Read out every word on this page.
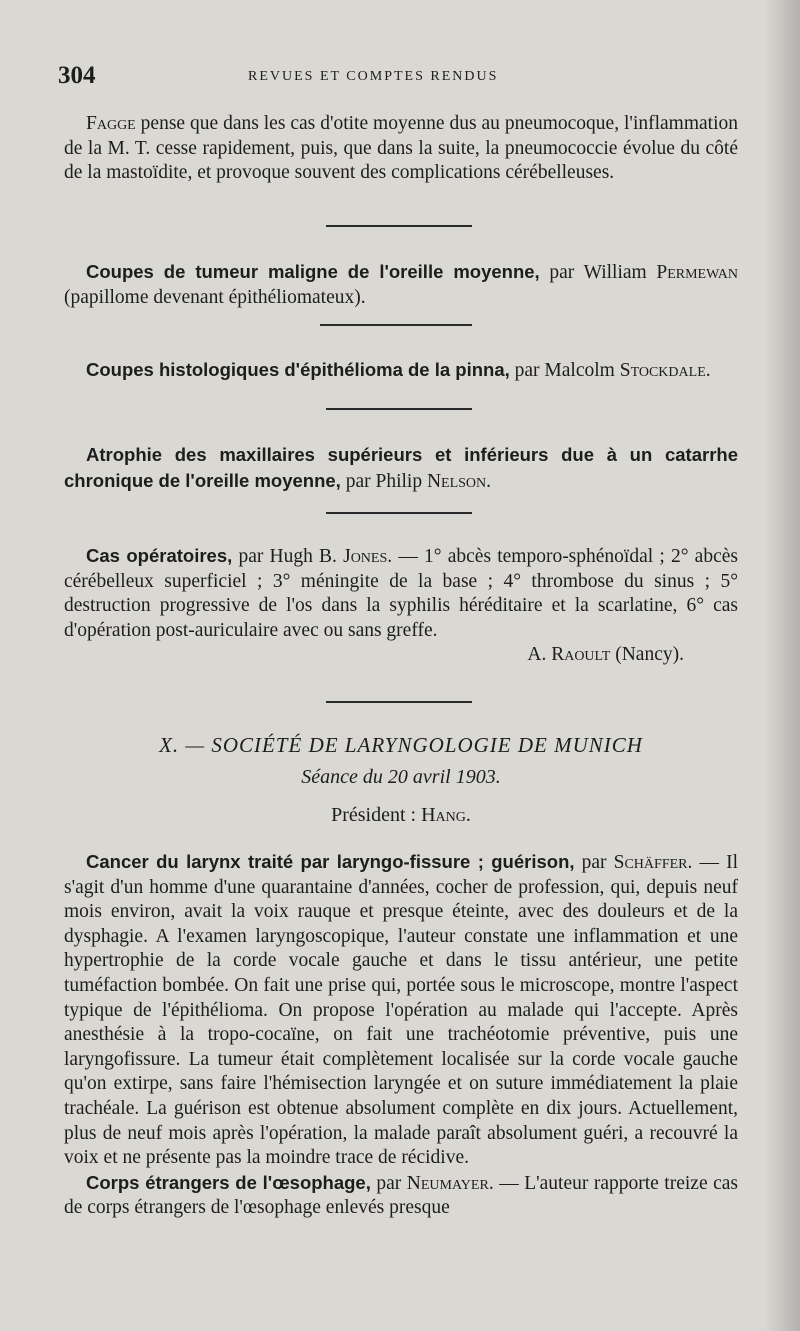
304	REVUES ET COMPTES RENDUS

Fagge pense que dans les cas d'otite moyenne dus au pneumocoque, l'inflammation de la M. T. cesse rapidement, puis, que dans la suite, la pneumococcie évolue du côté de la mastoïdite, et provoque souvent des complications cérébelleuses.

Coupes de tumeur maligne de l'oreille moyenne, par William Permewan (papillome devenant épithéliomateux).

Coupes histologiques d'épithélioma de la pinna, par Malcolm Stockdale.

Atrophie des maxillaires supérieurs et inférieurs due à un catarrhe chronique de l'oreille moyenne, par Philip Nelson.

Cas opératoires, par Hugh B. Jones. — 1° abcès temporo-sphénoïdal ; 2° abcès cérébelleux superficiel ; 3° méningite de la base ; 4° thrombose du sinus ; 5° destruction progressive de l'os dans la syphilis héréditaire et la scarlatine, 6° cas d'opération post-auriculaire avec ou sans greffe.

A. Raoult (Nancy).

X. — SOCIÉTÉ DE LARYNGOLOGIE DE MUNICH
Séance du 20 avril 1903.
Président : Hang.

Cancer du larynx traité par laryngo-fissure ; guérison, par Schäffer. — Il s'agit d'un homme d'une quarantaine d'années, cocher de profession, qui, depuis neuf mois environ, avait la voix rauque et presque éteinte, avec des douleurs et de la dysphagie. A l'examen laryngoscopique, l'auteur constate une inflammation et une hypertrophie de la corde vocale gauche et dans le tissu antérieur, une petite tuméfaction bombée. On fait une prise qui, portée sous le microscope, montre l'aspect typique de l'épithélioma. On propose l'opération au malade qui l'accepte. Après anesthésie à la tropo-cocaïne, on fait une trachéotomie préventive, puis une laryngofissure. La tumeur était complètement localisée sur la corde vocale gauche qu'on extirpe, sans faire l'hémisection laryngée et on suture immédiatement la plaie trachéale. La guérison est obtenue absolument complète en dix jours. Actuellement, plus de neuf mois après l'opération, la malade paraît absolument guéri, a recouvré la voix et ne présente pas la moindre trace de récidive.

Corps étrangers de l'œsophage, par Neumayer. — L'auteur rapporte treize cas de corps étrangers de l'œsophage enlevés presque
